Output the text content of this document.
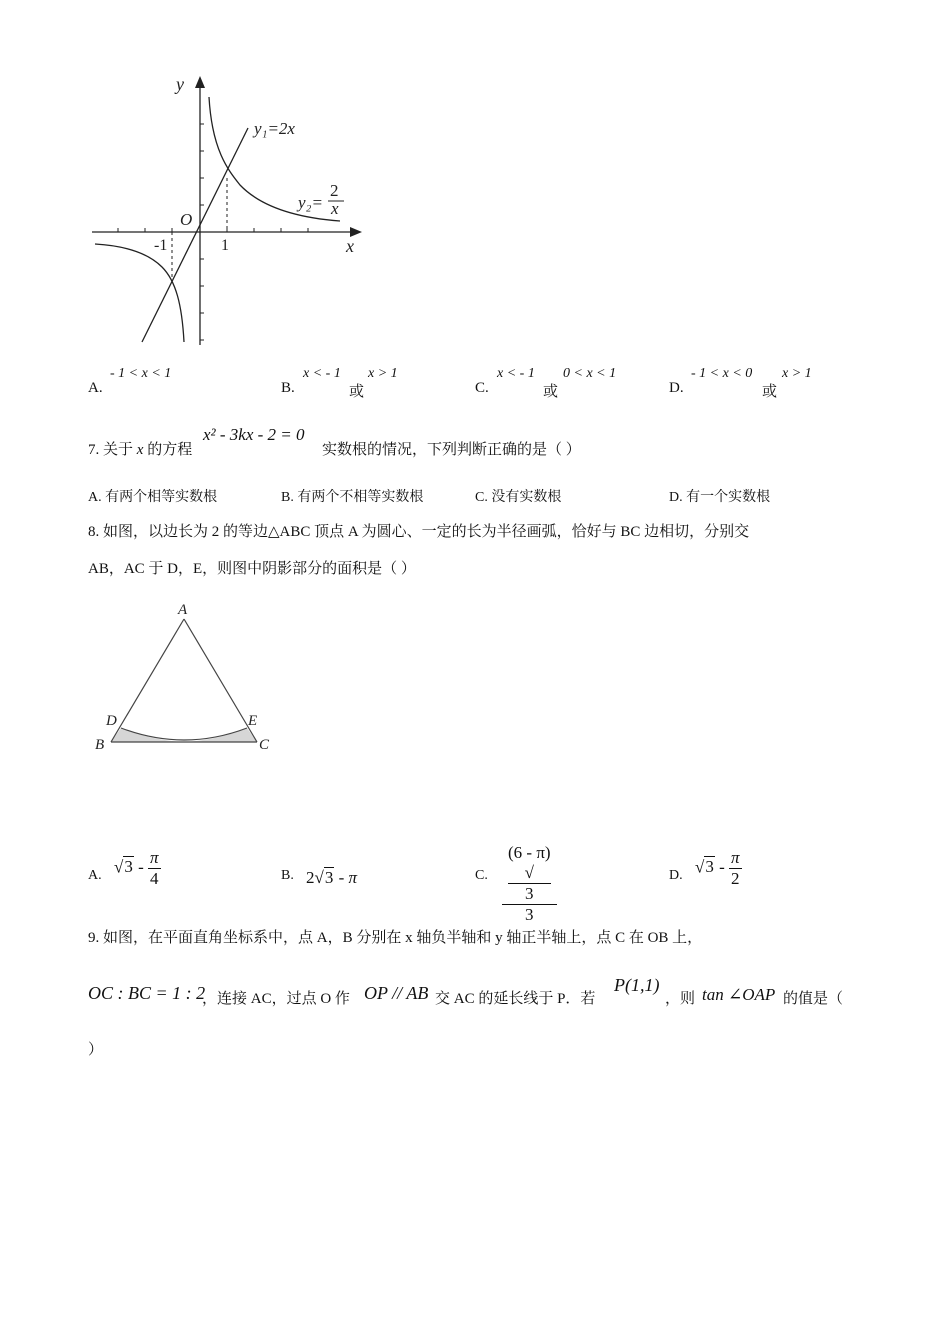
y
x
O
-1	1
y₁=2x
y₂=
2
x
A.
- 1 < x < 1
B.
x < - 1
或
x > 1
C.
x < - 1
或
0 < x < 1
D.
- 1 < x < 0
或
x > 1
7. 关于 x 的方程
x² - 3kx - 2 = 0
实数根的情况，下列判断正确的是（ ）
A. 有两个相等实数根	B. 有两个不相等实数根	C. 没有实数根	D. 有一个实数根
8. 如图，以边长为 2 的等边△ABC 顶点 A 为圆心、一定的长为半径画弧，恰好与 BC 边相切，分别交
AB，AC 于 D，E，则图中阴影部分的面积是（ ）
A
B	C
D	E
A. $√3 - \frac{\pi}{4}$	B. 2√3 - π	C. (6 - π)
√
3
3	D. $√3 - \frac{\pi}{2}$
9. 如图，在平面直角坐标系中，点 A，B 分别在 x 轴负半轴和 y 轴正半轴上，点 C 在 OB 上，
OC : BC = 1 : 2
，连接 AC，过点 O 作 OP // AB 交 AC 的延长线于 P．若
P(1,1)
，则 tan ∠OAP 的值是（
）
